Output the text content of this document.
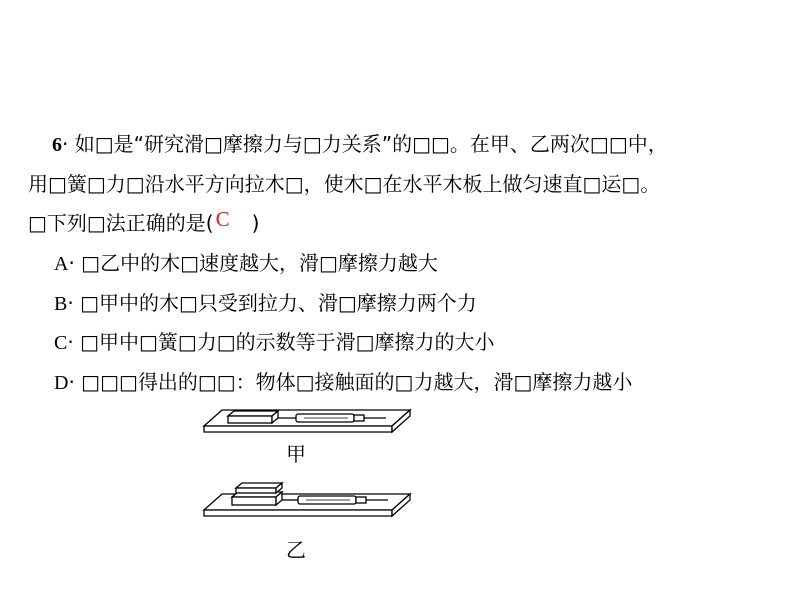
6· 如□是“研究滑□摩擦力与□力关系”的□□。在甲、乙两次□□中，
用□簧□力□沿水平方向拉木□，使木□在水平木板上做匀速直□运□。
□下列□法正确的是(C )
A· □乙中的木□速度越大，滑□摩擦力越大
B· □甲中的木□只受到拉力、滑□摩擦力两个力
C· □甲中□簧□力□的示数等于滑□摩擦力的大小
D· □□□得出的□□：物体□接触面的□力越大，滑□摩擦力越小
甲
乙
